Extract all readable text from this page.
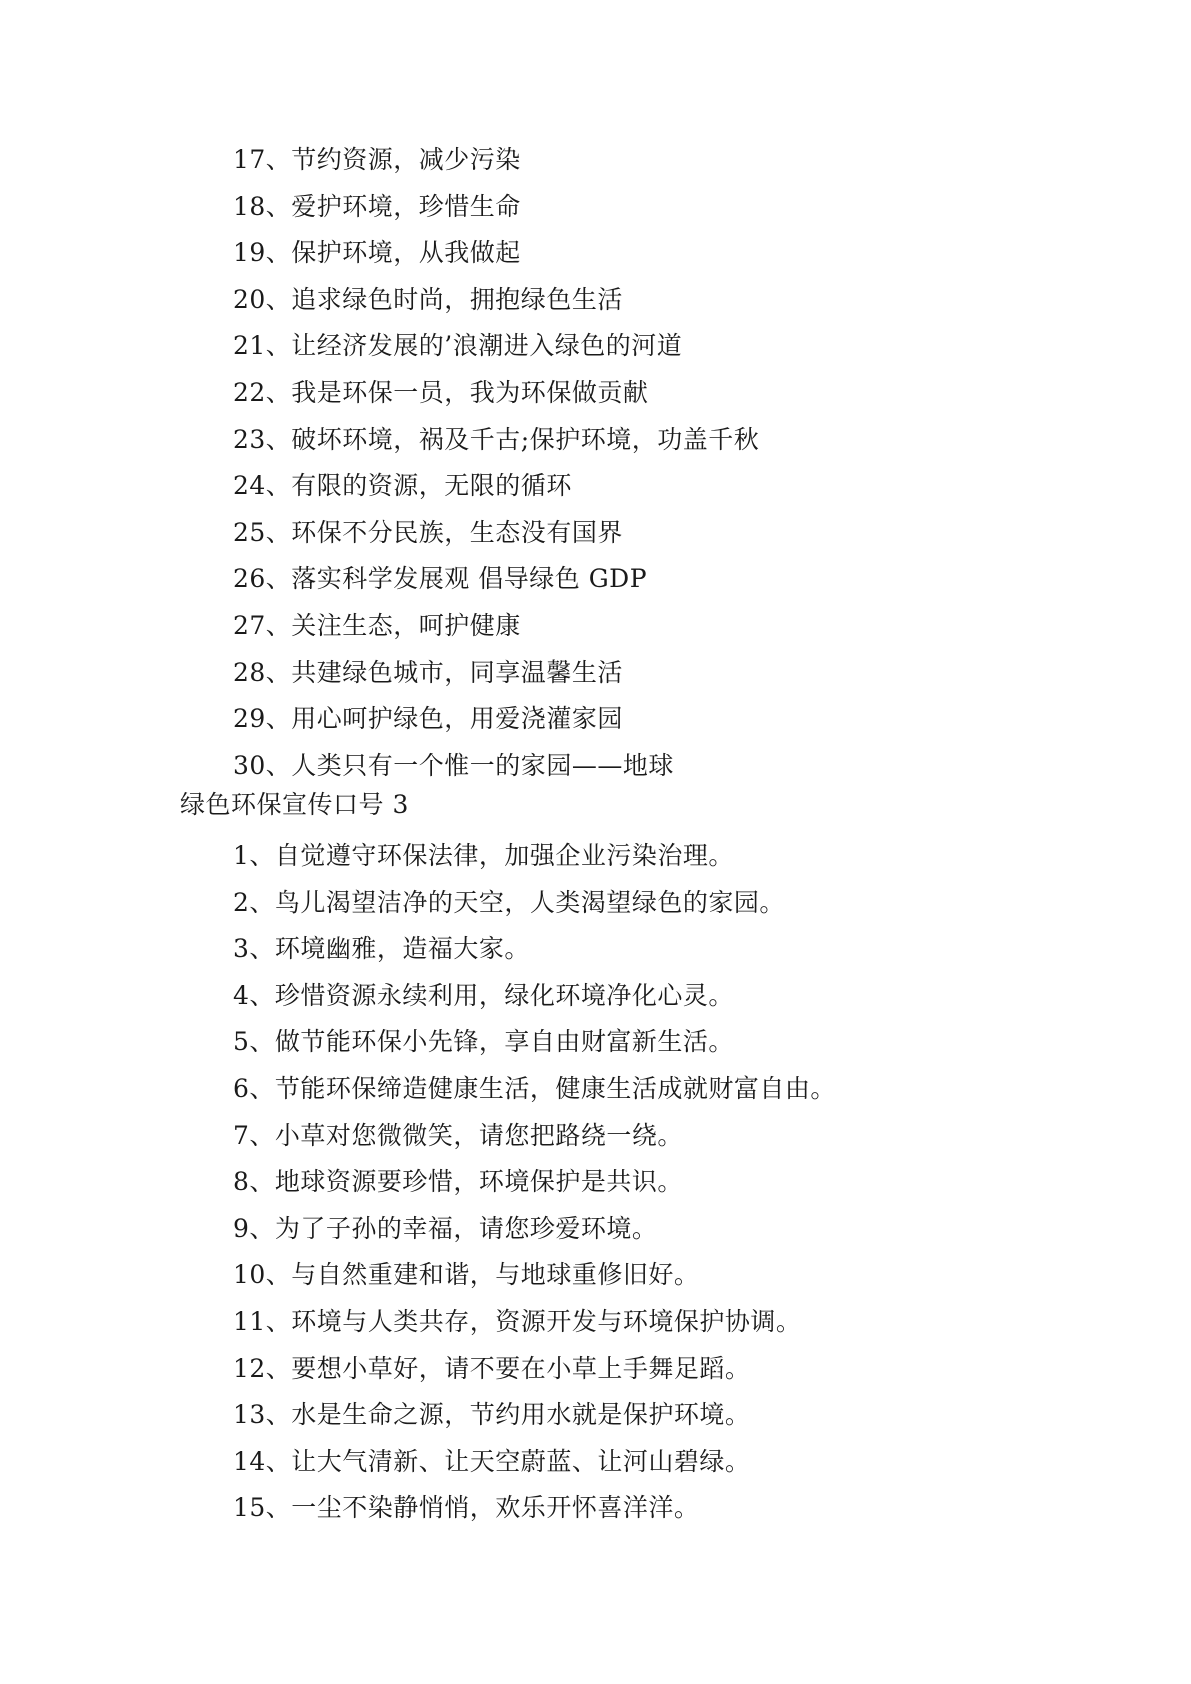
17、节约资源，减少污染
18、爱护环境，珍惜生命
19、保护环境，从我做起
20、追求绿色时尚，拥抱绿色生活
21、让经济发展的’浪潮进入绿色的河道
22、我是环保一员，我为环保做贡献
23、破坏环境，祸及千古;保护环境，功盖千秋
24、有限的资源，无限的循环
25、环保不分民族，生态没有国界
26、落实科学发展观 倡导绿色 GDP
27、关注生态，呵护健康
28、共建绿色城市，同享温馨生活
29、用心呵护绿色，用爱浇灌家园
30、人类只有一个惟一的家园——地球
绿色环保宣传口号 3
1、自觉遵守环保法律，加强企业污染治理。
2、鸟儿渴望洁净的天空，人类渴望绿色的家园。
3、环境幽雅，造福大家。
4、珍惜资源永续利用，绿化环境净化心灵。
5、做节能环保小先锋，享自由财富新生活。
6、节能环保缔造健康生活，健康生活成就财富自由。
7、小草对您微微笑，请您把路绕一绕。
8、地球资源要珍惜，环境保护是共识。
9、为了子孙的幸福，请您珍爱环境。
10、与自然重建和谐，与地球重修旧好。
11、环境与人类共存，资源开发与环境保护协调。
12、要想小草好，请不要在小草上手舞足蹈。
13、水是生命之源，节约用水就是保护环境。
14、让大气清新、让天空蔚蓝、让河山碧绿。
15、一尘不染静悄悄，欢乐开怀喜洋洋。
